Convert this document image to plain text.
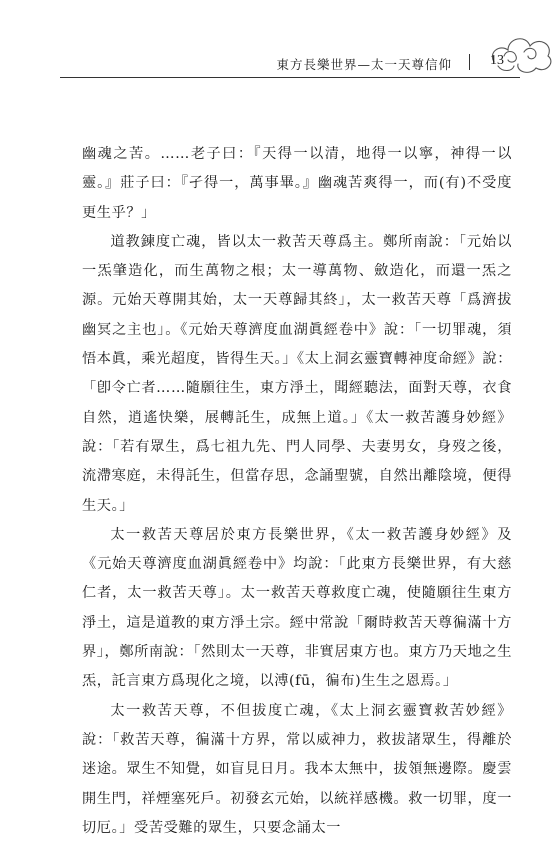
東方長樂世界—太一天尊信仰	13

幽魂之苦。……老子曰：『天得一以清，地得一以寧，神得一以靈。』莊子曰：『孑得一，萬事畢。』幽魂苦爽得一，而(有)不受度更生乎？」

道教鍊度亡魂，皆以太一救苦天尊爲主。鄭所南說：「元始以一炁肇造化，而生萬物之根；太一導萬物、斂造化，而還一炁之源。元始天尊開其始，太一天尊歸其終」，太一救苦天尊「爲濟拔幽冥之主也」。《元始天尊濟度血湖眞經卷中》說：「一切罪魂，須悟本眞，乘光超度，皆得生天。」《太上洞玄靈寶轉神度命經》說：「卽令亡者……隨願往生，東方淨土，聞經聽法，面對天尊，衣食自然，逍遙快樂，展轉託生，成無上道。」《太一救苦護身妙經》說：「若有眾生，爲七祖九先、門人同學、夫妻男女，身歿之後，流滯寒庭，未得託生，但當存思，念誦聖號，自然出離陰境，便得生天。」

太一救苦天尊居於東方長樂世界，《太一救苦護身妙經》及《元始天尊濟度血湖眞經卷中》均說：「此東方長樂世界，有大慈仁者，太一救苦天尊」。太一救苦天尊救度亡魂，使隨願往生東方淨土，這是道教的東方淨土宗。經中常說「爾時救苦天尊徧滿十方界」，鄭所南說：「然則太一天尊，非實居東方也。東方乃天地之生炁，託言東方爲現化之境，以溥(fū，徧布)生生之恩焉。」

太一救苦天尊，不但拔度亡魂，《太上洞玄靈寶救苦妙經》說：「救苦天尊，徧滿十方界，常以威神力，救拔諸眾生，得離於迷途。眾生不知覺，如盲見日月。我本太無中，拔領無邊際。慶雲開生門，祥煙塞死戶。初發玄元始，以統祥感機。救一切罪，度一切厄。」受苦受難的眾生，只要念誦太一
